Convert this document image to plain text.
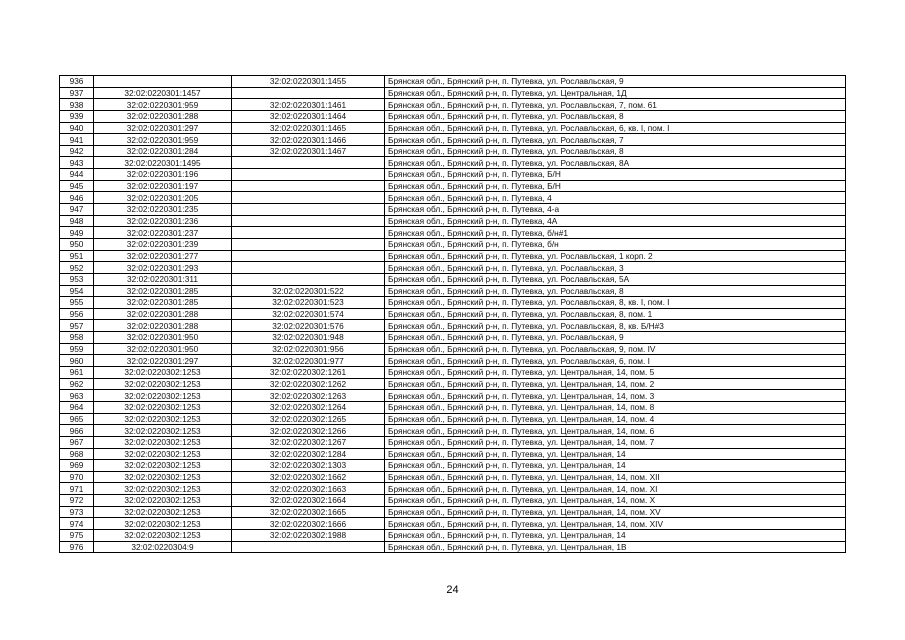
936		32:02:0220301:1455	Брянская обл., Брянский р-н, п. Путевка, ул. Рославльская, 9
937	32:02:0220301:1457		Брянская обл., Брянский р-н, п. Путевка, ул. Центральная, 1Д
938	32:02:0220301:959	32:02:0220301:1461	Брянская обл., Брянский р-н, п. Путевка, ул. Рославльская, 7, пом. 61
939	32:02:0220301:288	32:02:0220301:1464	Брянская обл., Брянский р-н, п. Путевка, ул. Рославльская, 8
940	32:02:0220301:297	32:02:0220301:1465	Брянская обл., Брянский р-н, п. Путевка, ул. Рославльская, 6, кв. I, пом. I
941	32:02:0220301:959	32:02:0220301:1466	Брянская обл., Брянский р-н, п. Путевка, ул. Рославльская, 7
942	32:02:0220301:284	32:02:0220301:1467	Брянская обл., Брянский р-н, п. Путевка, ул. Рославльская, 8
943	32:02:0220301:1495		Брянская обл., Брянский р-н, п. Путевка, ул. Рославльская, 8А
944	32:02:0220301:196		Брянская обл., Брянский р-н, п. Путевка, Б/Н
945	32:02:0220301:197		Брянская обл., Брянский р-н, п. Путевка, Б/Н
946	32:02:0220301:205		Брянская обл., Брянский р-н, п. Путевка, 4
947	32:02:0220301:235		Брянская обл., Брянский р-н, п. Путевка, 4-а
948	32:02:0220301:236		Брянская обл., Брянский р-н, п. Путевка, 4А
949	32:02:0220301:237		Брянская обл., Брянский р-н, п. Путевка, б/н#1
950	32:02:0220301:239		Брянская обл., Брянский р-н, п. Путевка, б/н
951	32:02:0220301:277		Брянская обл., Брянский р-н, п. Путевка, ул. Рославльская, 1 корп. 2
952	32:02:0220301:293		Брянская обл., Брянский р-н, п. Путевка, ул. Рославльская, 3
953	32:02:0220301:311		Брянская обл., Брянский р-н, п. Путевка, ул. Рославльская, 5А
954	32:02:0220301:285	32:02:0220301:522	Брянская обл., Брянский р-н, п. Путевка, ул. Рославльская, 8
955	32:02:0220301:285	32:02:0220301:523	Брянская обл., Брянский р-н, п. Путевка, ул. Рославльская, 8, кв. I, пом. I
956	32:02:0220301:288	32:02:0220301:574	Брянская обл., Брянский р-н, п. Путевка, ул. Рославльская, 8, пом. 1
957	32:02:0220301:288	32:02:0220301:576	Брянская обл., Брянский р-н, п. Путевка, ул. Рославльская, 8, кв. Б/Н#3
958	32:02:0220301:950	32:02:0220301:948	Брянская обл., Брянский р-н, п. Путевка, ул. Рославльская, 9
959	32:02:0220301:950	32:02:0220301:956	Брянская обл., Брянский р-н, п. Путевка, ул. Рославльская, 9, пом. IV
960	32:02:0220301:297	32:02:0220301:977	Брянская обл., Брянский р-н, п. Путевка, ул. Рославльская, 6, пом. I
961	32:02:0220302:1253	32:02:0220302:1261	Брянская обл., Брянский р-н, п. Путевка, ул. Центральная, 14, пом. 5
962	32:02:0220302:1253	32:02:0220302:1262	Брянская обл., Брянский р-н, п. Путевка, ул. Центральная, 14, пом. 2
963	32:02:0220302:1253	32:02:0220302:1263	Брянская обл., Брянский р-н, п. Путевка, ул. Центральная, 14, пом. 3
964	32:02:0220302:1253	32:02:0220302:1264	Брянская обл., Брянский р-н, п. Путевка, ул. Центральная, 14, пом. 8
965	32:02:0220302:1253	32:02:0220302:1265	Брянская обл., Брянский р-н, п. Путевка, ул. Центральная, 14, пом. 4
966	32:02:0220302:1253	32:02:0220302:1266	Брянская обл., Брянский р-н, п. Путевка, ул. Центральная, 14, пом. 6
967	32:02:0220302:1253	32:02:0220302:1267	Брянская обл., Брянский р-н, п. Путевка, ул. Центральная, 14, пом. 7
968	32:02:0220302:1253	32:02:0220302:1284	Брянская обл., Брянский р-н, п. Путевка, ул. Центральная, 14
969	32:02:0220302:1253	32:02:0220302:1303	Брянская обл., Брянский р-н, п. Путевка, ул. Центральная, 14
970	32:02:0220302:1253	32:02:0220302:1662	Брянская обл., Брянский р-н, п. Путевка, ул. Центральная, 14, пом. XII
971	32:02:0220302:1253	32:02:0220302:1663	Брянская обл., Брянский р-н, п. Путевка, ул. Центральная, 14, пом. XI
972	32:02:0220302:1253	32:02:0220302:1664	Брянская обл., Брянский р-н, п. Путевка, ул. Центральная, 14, пом. X
973	32:02:0220302:1253	32:02:0220302:1665	Брянская обл., Брянский р-н, п. Путевка, ул. Центральная, 14, пом. XV
974	32:02:0220302:1253	32:02:0220302:1666	Брянская обл., Брянский р-н, п. Путевка, ул. Центральная, 14, пом. XIV
975	32:02:0220302:1253	32:02:0220302:1988	Брянская обл., Брянский р-н, п. Путевка, ул. Центральная, 14
976	32:02:0220304:9		Брянская обл., Брянский р-н, п. Путевка, ул. Центральная, 1В
24
